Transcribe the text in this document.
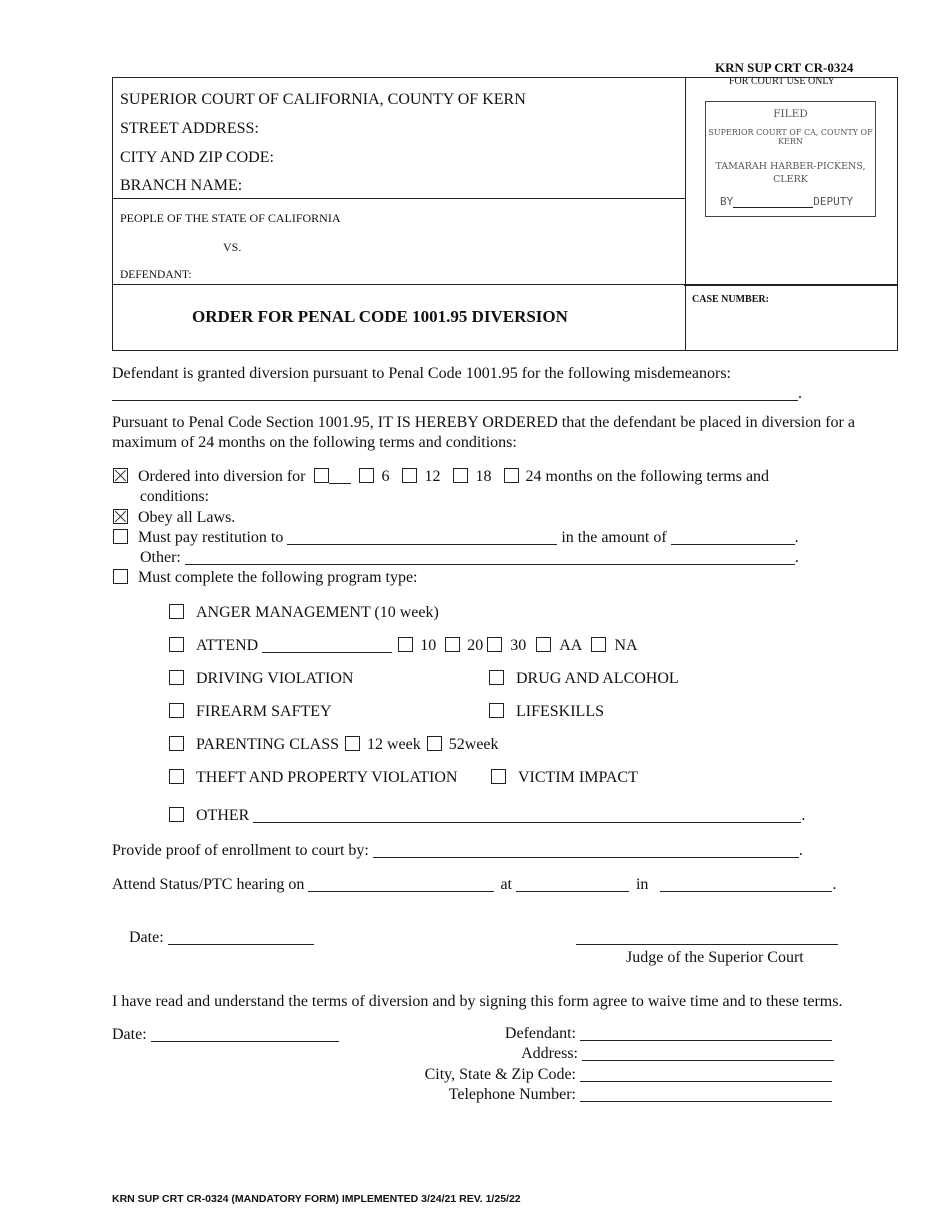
KRN SUP CRT CR-0324
FOR COURT USE ONLY
SUPERIOR COURT OF CALIFORNIA, COUNTY OF KERN
STREET ADDRESS:
CITY AND ZIP CODE:
BRANCH NAME:
PEOPLE OF THE STATE OF CALIFORNIA
VS.
DEFENDANT:
ORDER FOR PENAL CODE 1001.95 DIVERSION
CASE NUMBER:
FILED
SUPERIOR COURT OF CA, COUNTY OF KERN
TAMARAH HARBER-PICKENS,
CLERK
BY	DEPUTY
Defendant is granted diversion pursuant to Penal Code 1001.95 for the following misdemeanors:
.
Pursuant to Penal Code Section 1001.95, IT IS HEREBY ORDERED that the defendant be placed in diversion for a
maximum of 24 months on the following terms and conditions:
Ordered into diversion for	6 12 18 24 months on the following terms and
conditions:
Obey all Laws.
Must pay restitution to	in the amount of	.
Other:	.
Must complete the following program type:
ANGER MANAGEMENT (10 week)
ATTEND	10 20 30 AA NA
DRIVING VIOLATION	DRUG AND ALCOHOL
FIREARM SAFTEY	LIFESKILLS
PARENTING CLASS 12 week 52week
THEFT AND PROPERTY VIOLATION	VICTIM IMPACT
OTHER	.
Provide proof of enrollment to court by:	.
Attend Status/PTC hearing on	at	in	.
Date:
Judge of the Superior Court
I have read and understand the terms of diversion and by signing this form agree to waive time and to these terms.
Date:	Defendant:
Address:
City, State & Zip Code:
Telephone Number:
KRN SUP CRT CR-0324 (MANDATORY FORM) IMPLEMENTED 3/24/21 REV. 1/25/22
